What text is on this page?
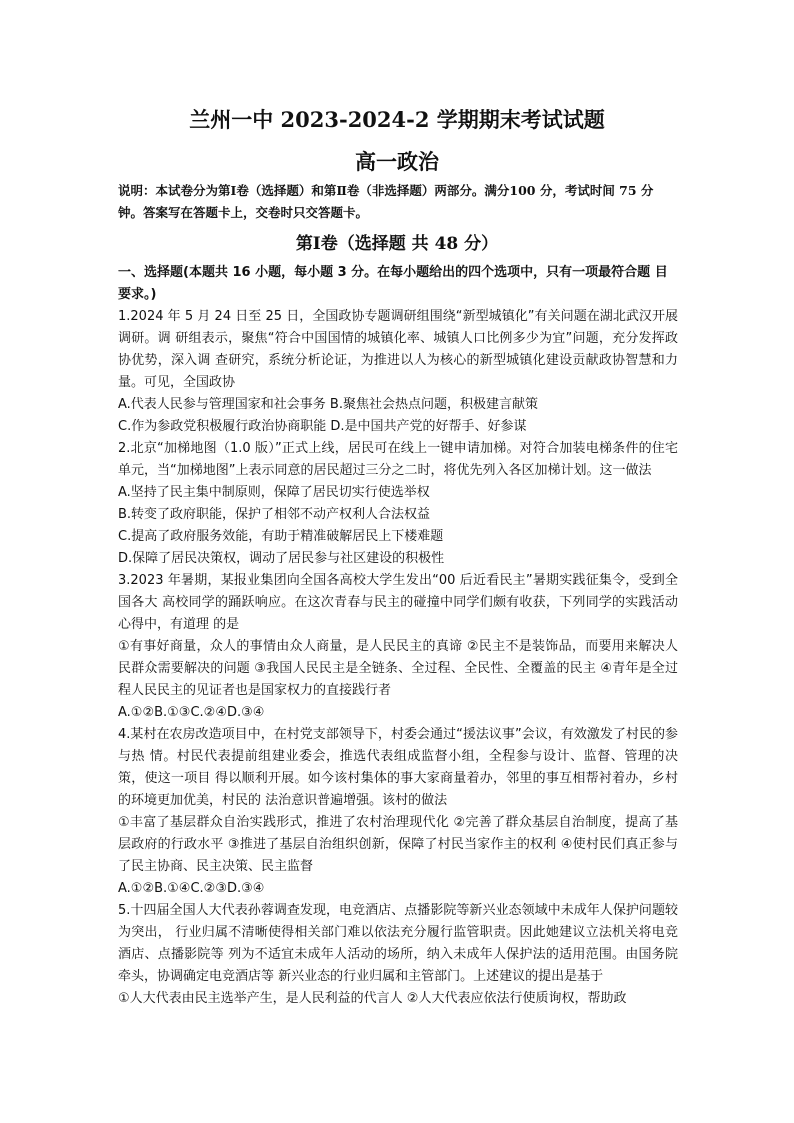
兰州一中 2023-2024-2 学期期末考试试题
高一政治

说明：本试卷分为第Ⅰ卷（选择题）和第Ⅱ卷（非选择题）两部分。满分100 分，考试时间 75 分钟。答案写在答题卡上，交卷时只交答题卡。

第Ⅰ卷（选择题 共 48 分）

一、选择题(本题共 16 小题，每小题 3 分。在每小题给出的四个选项中，只有一项最符合题 目要求。)

1.2024 年 5 月 24 日至 25 日，全国政协专题调研组围绕“新型城镇化”有关问题在湖北武汉开展调研。调 研组表示，聚焦“符合中国国情的城镇化率、城镇人口比例多少为宜”问题，充分发挥政协优势，深入调 查研究，系统分析论证，为推进以人为核心的新型城镇化建设贡献政协智慧和力量。可见，全国政协

A.代表人民参与管理国家和社会事务 B.聚焦社会热点问题，积极建言献策

C.作为参政党积极履行政治协商职能 D.是中国共产党的好帮手、好参谋

2.北京“加梯地图（1.0 版）”正式上线，居民可在线上一键申请加梯。对符合加装电梯条件的住宅单元，当“加梯地图”上表示同意的居民超过三分之二时，将优先列入各区加梯计划。这一做法

A.坚持了民主集中制原则，保障了居民切实行使选举权

B.转变了政府职能，保护了相邻不动产权利人合法权益

C.提高了政府服务效能，有助于精准破解居民上下楼难题

D.保障了居民决策权，调动了居民参与社区建设的积极性

3.2023 年暑期，某报业集团向全国各高校大学生发出“00 后近看民主”暑期实践征集令，受到全国各大 高校同学的踊跃响应。在这次青春与民主的碰撞中同学们颇有收获，下列同学的实践活动心得中，有道理 的是

①有事好商量，众人的事情由众人商量，是人民民主的真谛 ②民主不是装饰品，而要用来解决人民群众需要解决的问题 ③我国人民民主是全链条、全过程、全民性、全覆盖的民主 ④青年是全过程人民民主的见证者也是国家权力的直接践行者

A.①②B.①③C.②④D.③④

4.某村在农房改造项目中，在村党支部领导下，村委会通过“援法议事”会议，有效激发了村民的参与热 情。村民代表提前组建业委会，推选代表组成监督小组，全程参与设计、监督、管理的决策，使这一项目 得以顺利开展。如今该村集体的事大家商量着办，邻里的事互相帮衬着办，乡村的环境更加优美，村民的 法治意识普遍增强。该村的做法

①丰富了基层群众自治实践形式，推进了农村治理现代化 ②完善了群众基层自治制度，提高了基层政府的行政水平 ③推进了基层自治组织创新，保障了村民当家作主的权利 ④使村民们真正参与了民主协商、民主决策、民主监督

A.①②B.①④C.②③D.③④

5.十四届全国人大代表孙蓉调查发现，电竞酒店、点播影院等新兴业态领域中未成年人保护问题较为突出， 行业归属不清晰使得相关部门难以依法充分履行监管职责。因此她建议立法机关将电竞酒店、点播影院等 列为不适宜未成年人活动的场所，纳入未成年人保护法的适用范围。由国务院牵头，协调确定电竞酒店等 新兴业态的行业归属和主管部门。上述建议的提出是基于

①人大代表由民主选举产生，是人民利益的代言人 ②人大代表应依法行使质询权，帮助政
